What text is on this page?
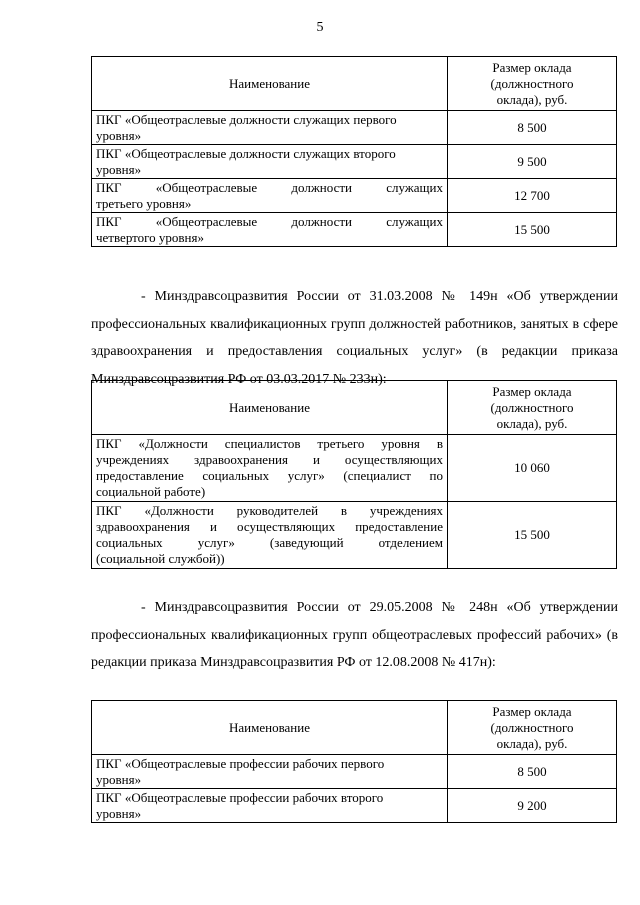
5
Наименование	Размер оклада
(должностного
оклада), руб.

ПКГ «Общеотраслевые должности служащих первого
уровня»	8 500

ПКГ «Общеотраслевые должности служащих второго
уровня»	9 500

ПКГ «Общеотраслевые должности служащих
третьего уровня»	12 700

ПКГ «Общеотраслевые должности служащих
четвертого уровня»	15 500

- Минздравсоцразвития России от 31.03.2008 № 149н «Об утверждении профессиональных квалификационных групп должностей работников, занятых в сфере здравоохранения и предоставления социальных услуг» (в редакции приказа Минздравсоцразвития РФ от 03.03.2017 № 233н):

Наименование	Размер оклада
(должностного
оклада), руб.

ПКГ «Должности специалистов третьего уровня в
учреждениях здравоохранения и осуществляющих
предоставление социальных услуг» (специалист по
социальной работе)	10 060

ПКГ «Должности руководителей в учреждениях
здравоохранения и осуществляющих предоставление
социальных услуг» (заведующий отделением
(социальной службой))	15 500

- Минздравсоцразвития России от 29.05.2008 № 248н «Об утверждении профессиональных квалификационных групп общеотраслевых профессий рабочих» (в редакции приказа Минздравсоцразвития РФ от 12.08.2008 № 417н):

Наименование	Размер оклада
(должностного
оклада), руб.

ПКГ «Общеотраслевые профессии рабочих первого
уровня»	8 500

ПКГ «Общеотраслевые профессии рабочих второго
уровня»	9 200
